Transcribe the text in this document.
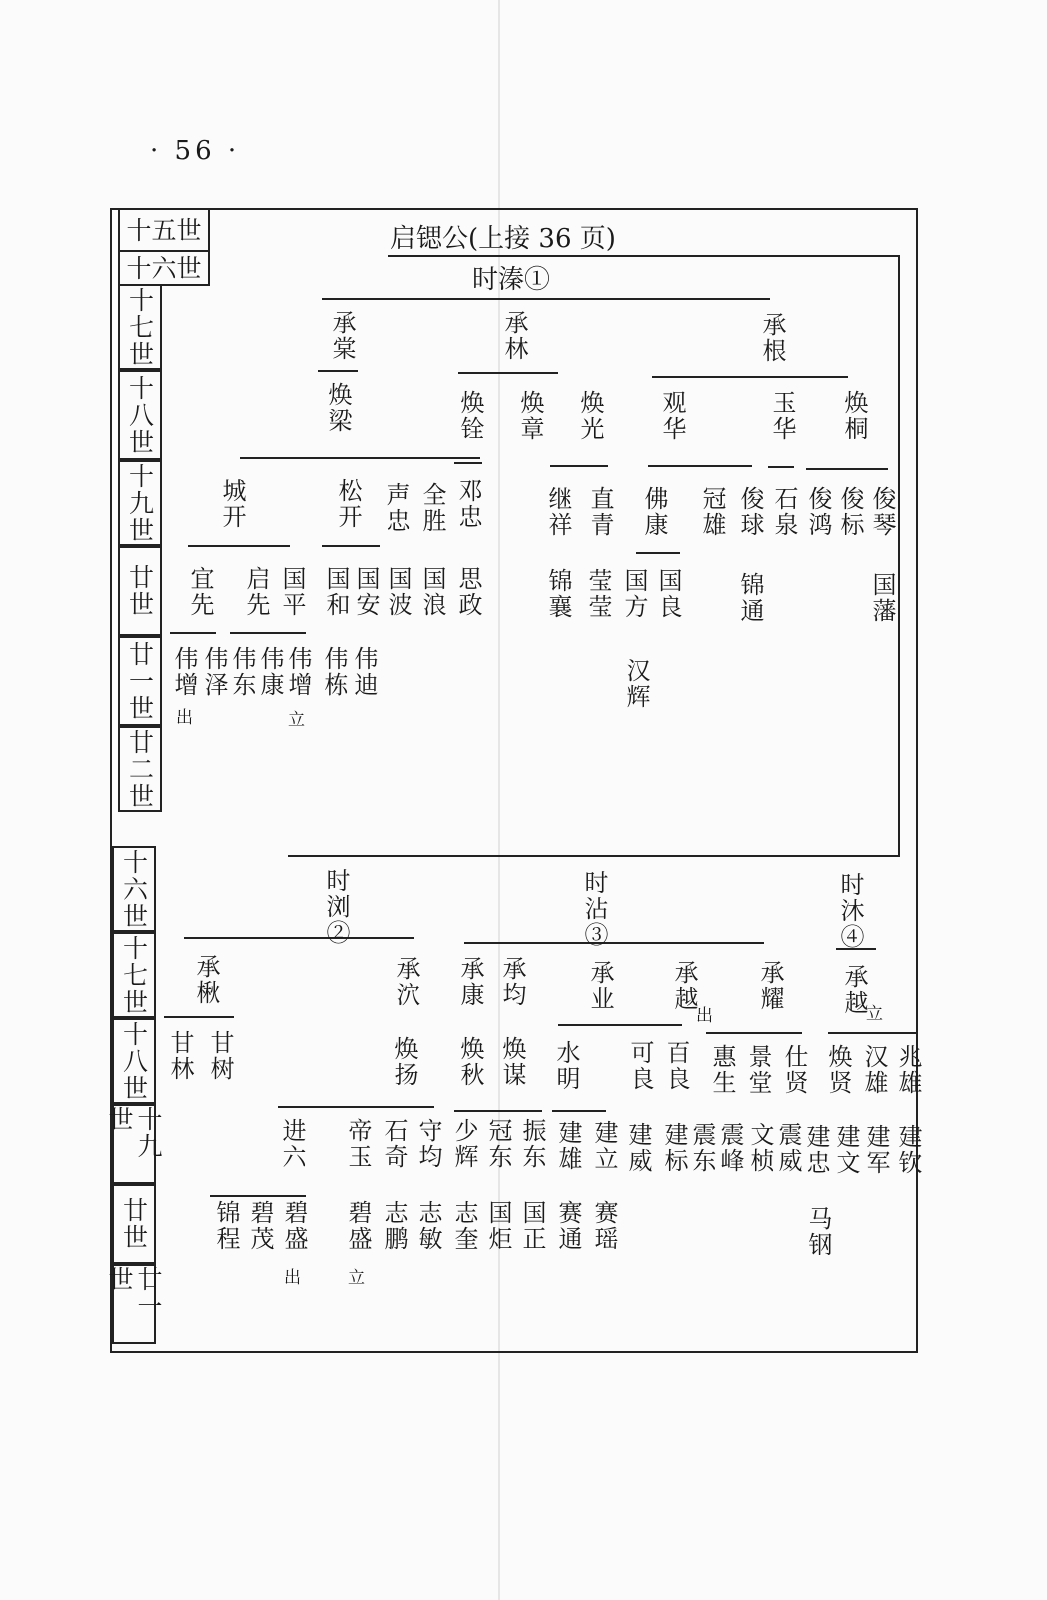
· 56 ·
十五世
十六世
十七世
十八世
十九世
廿世
廿一世
廿二世
十六世
十七世
十八世
十九世
廿世
廿一世
启锶公(上接 36 页)
时溱①
承棠	承林	承根
焕梁	焕铨 焕章 焕光 观华	玉华 焕桐
城开	松开 声忠 全胜 邓忠	继祥 直青 佛康 冠雄 俊球 石泉 俊鸿 俊标 俊琴
宜先 启先 国平 国和 国安 国波 国浪 思政	锦襄 莹莹 国方 国良 锦通	国藩
伟增
出
伟泽 伟东 伟康 伟增
立
伟栋 伟迪	汉辉
时浏②	时沾③	时沐④
承楸	承泬 承康 承均	承业 承越
出
承耀 承越
立
甘林 甘树	焕扬 焕秋 焕谋 水明 可良 百良 惠生 景堂 仕贤 焕贤 汉雄 兆雄
进六 帝玉 石奇 守均 少辉 冠东 振东 建雄 建立 建威 建标 震东 震峰 文桢 震威 建忠 建文 建军 建钦
锦程 碧茂 碧盛
出
碧盛
立
志鹏 志敏 志奎 国炬 国正 赛通 赛瑶	马钢
